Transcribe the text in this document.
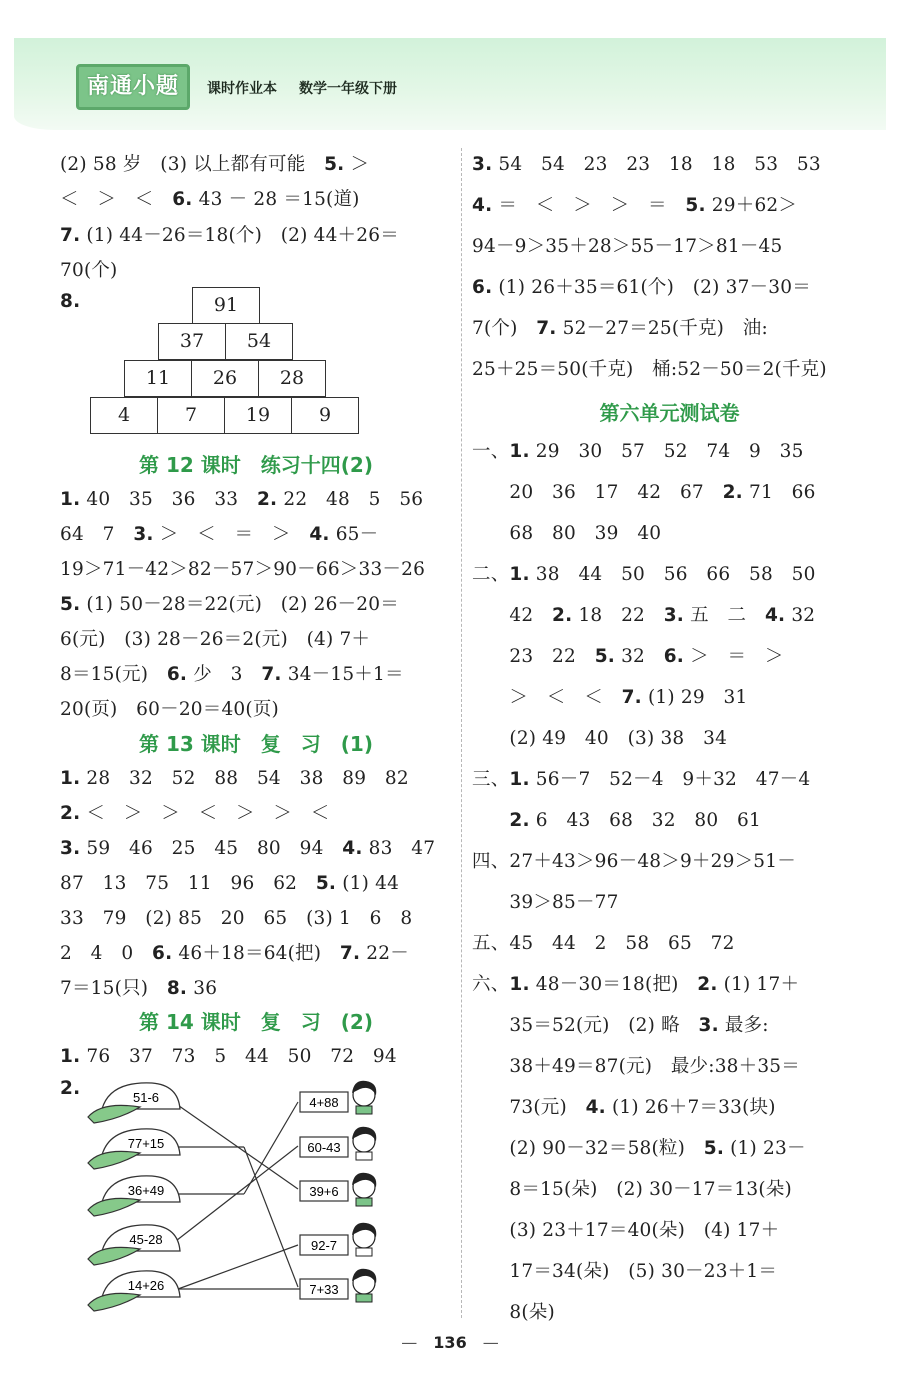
南通小题	课时作业本 数学一年级下册
(2) 58 岁　(3) 以上都有可能　5. ＞
＜　＞　＜　6. 43 － 28 ＝15(道)
7. (1) 44－26＝18(个)　(2) 44＋26＝
70(个)
8.	91
37	54
11	26	28
4	7	19	9
第 12 课时　练习十四(2)
1. 40　35　36　33　2. 22　48　5　56
64　7　3. ＞　＜　＝　＞　4. 65－
19＞71－42＞82－57＞90－66＞33－26
5. (1) 50－28＝22(元)　(2) 26－20＝
6(元)　(3) 28－26＝2(元)　(4) 7＋
8＝15(元)　6. 少　3　7. 34－15＋1＝
20(页)　60－20＝40(页)
第 13 课时　复　习　(1)
1. 28　32　52　88　54　38　89　82
2. ＜　＞　＞　＜　＞　＞　＜
3. 59　46　25　45　80　94　4. 83　47
87　13　75　11　96　62　5. (1) 44
33　79　(2) 85　20　65　(3) 1　6　8
2　4　0　6. 46＋18＝64(把)　7. 22－
7＝15(只)　8. 36
第 14 课时　复　习　(2)
1. 76　37　73　5　44　50　72　94
2.	51-6
77+15
36+49
45-28
14+26
4+88
60-43
39+6
92-7
7+33
3. 54　54　23　23　18　18　53　53
4. ＝　＜　＞　＞　＝　5. 29＋62＞
94－9＞35＋28＞55－17＞81－45
6. (1) 26＋35＝61(个)　(2) 37－30＝
7(个)　7. 52－27＝25(千克)　油:
25＋25＝50(千克)　桶:52－50＝2(千克)
第六单元测试卷
一、1. 29　30　57　52　74　9　35
　　20　36　17　42　67　2. 71　66
　　68　80　39　40
二、1. 38　44　50　56　66　58　50
　　42　2. 18　22　3. 五　二　4. 32
　　23　22　5. 32　6. ＞　＝　＞
　　＞　＜　＜　7. (1) 29　31
　　(2) 49　40　(3) 38　34
三、1. 56－7　52－4　9＋32　47－4
　　2. 6　43　68　32　80　61
四、27＋43＞96－48＞9＋29＞51－
　　39＞85－77
五、45　44　2　58　65　72
六、1. 48－30＝18(把)　2. (1) 17＋
　　35＝52(元)　(2) 略　3. 最多:
　　38＋49＝87(元)　最少:38＋35＝
　　73(元)　4. (1) 26＋7＝33(块)
　　(2) 90－32＝58(粒)　5. (1) 23－
　　8＝15(朵)　(2) 30－17＝13(朵)
　　(3) 23＋17＝40(朵)　(4) 17＋
　　17＝34(朵)　(5) 30－23＋1＝
　　8(朵)
—　136　—
